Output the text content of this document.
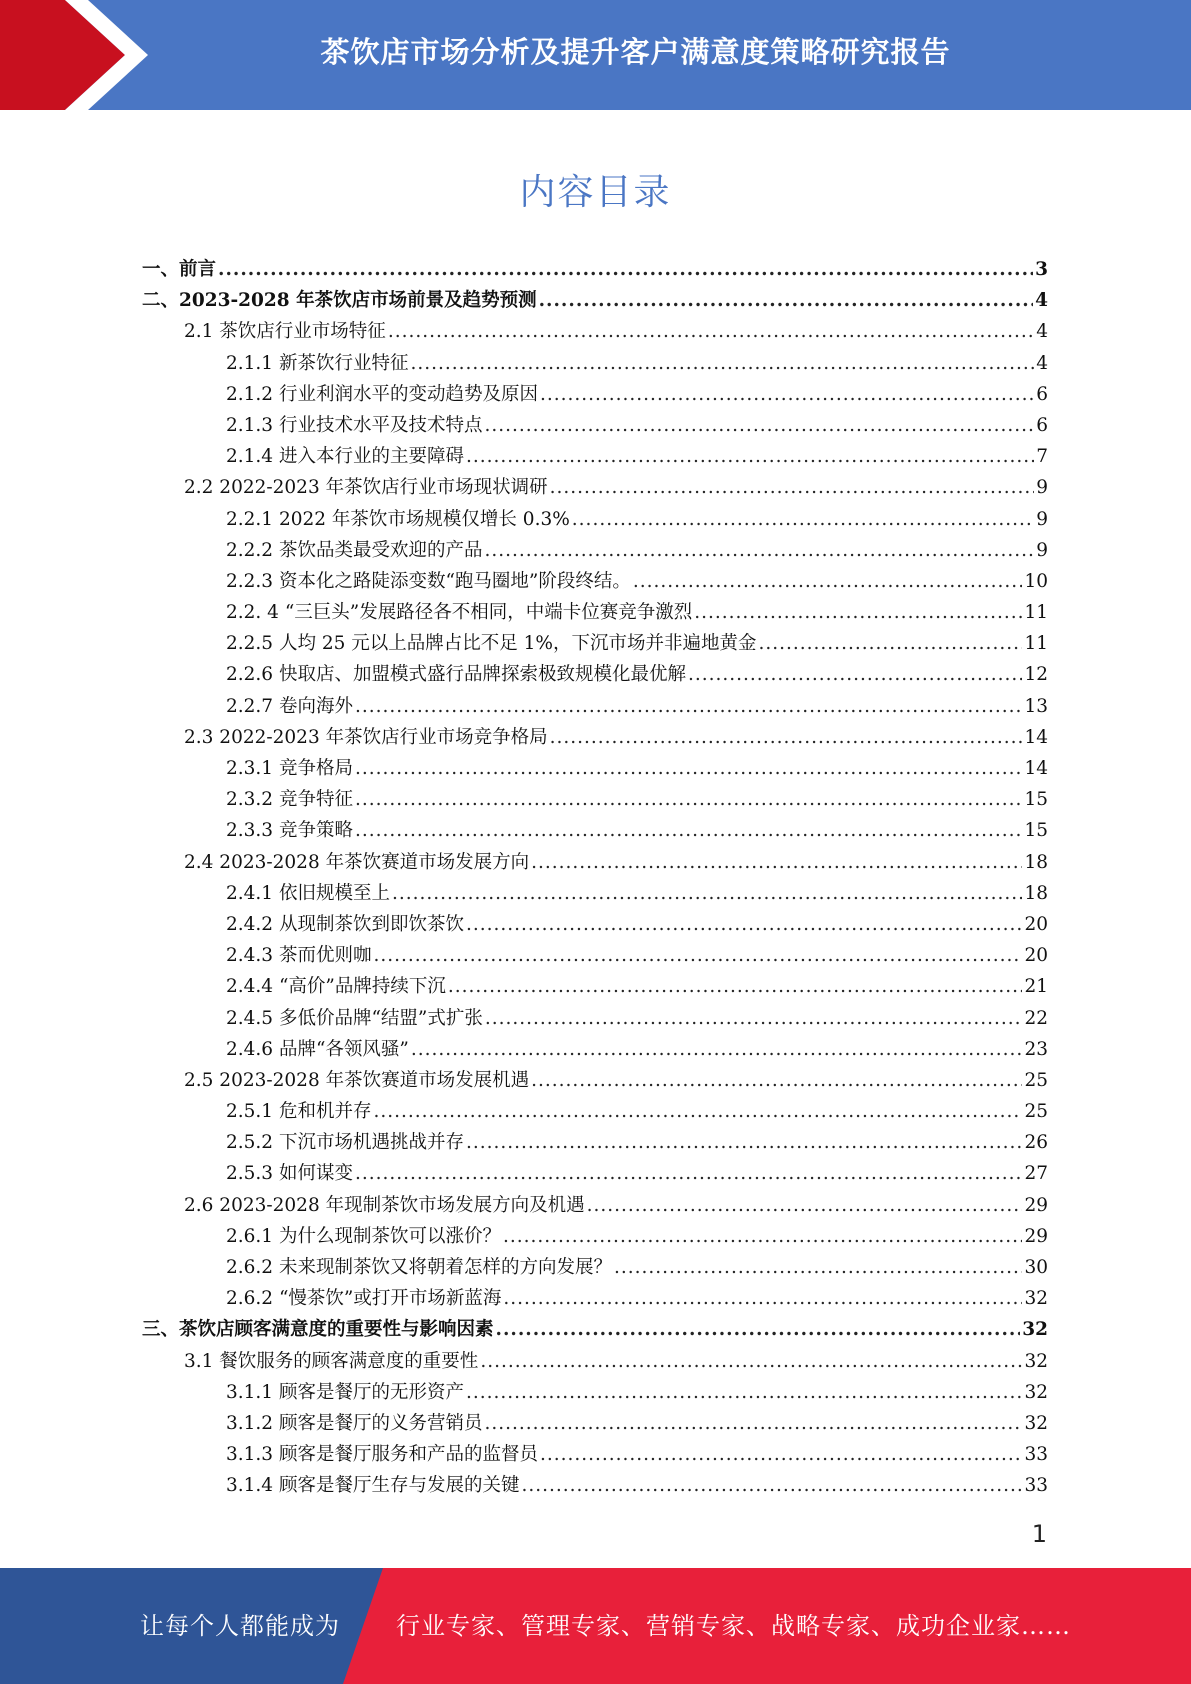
茶饮店市场分析及提升客户满意度策略研究报告
内容目录
一、前言 .....	3
二、2023-2028 年茶饮店市场前景及趋势预测 .....	4
2.1 茶饮店行业市场特征 .....	4
2.1.1 新茶饮行业特征 .....	4
2.1.2 行业利润水平的变动趋势及原因 .....	6
2.1.3 行业技术水平及技术特点 .....	6
2.1.4 进入本行业的主要障碍 .....	7
2.2 2022-2023 年茶饮店行业市场现状调研 .....	9
2.2.1 2022 年茶饮市场规模仅增长 0.3% .....	9
2.2.2 茶饮品类最受欢迎的产品 .....	9
2.2.3 资本化之路陡添变数“跑马圈地”阶段终结。 .....	10
2.2. 4 “三巨头”发展路径各不相同，中端卡位赛竞争激烈 .....	11
2.2.5 人均 25 元以上品牌占比不足 1%，下沉市场并非遍地黄金 .....	11
2.2.6 快取店、加盟模式盛行品牌探索极致规模化最优解 .....	12
2.2.7 卷向海外 .....	13
2.3 2022-2023 年茶饮店行业市场竞争格局 .....	14
2.3.1 竞争格局 .....	14
2.3.2 竞争特征 .....	15
2.3.3 竞争策略 .....	15
2.4 2023-2028 年茶饮赛道市场发展方向 .....	18
2.4.1 依旧规模至上 .....	18
2.4.2 从现制茶饮到即饮茶饮 .....	20
2.4.3 茶而优则咖 .....	20
2.4.4 “高价”品牌持续下沉 .....	21
2.4.5 多低价品牌“结盟”式扩张 .....	22
2.4.6 品牌“各领风骚” .....	23
2.5 2023-2028 年茶饮赛道市场发展机遇 .....	25
2.5.1 危和机并存 .....	25
2.5.2 下沉市场机遇挑战并存 .....	26
2.5.3 如何谋变 .....	27
2.6 2023-2028 年现制茶饮市场发展方向及机遇 .....	29
2.6.1 为什么现制茶饮可以涨价？ .....	29
2.6.2 未来现制茶饮又将朝着怎样的方向发展？ .....	30
2.6.2 “慢茶饮”或打开市场新蓝海 .....	32
三、茶饮店顾客满意度的重要性与影响因素 .....	32
3.1 餐饮服务的顾客满意度的重要性 .....	32
3.1.1 顾客是餐厅的无形资产 .....	32
3.1.2 顾客是餐厅的义务营销员 .....	32
3.1.3 顾客是餐厅服务和产品的监督员 .....	33
3.1.4 顾客是餐厅生存与发展的关键 .....	33
1
让每个人都能成为 行业专家、管理专家、营销专家、战略专家、成功企业家……
